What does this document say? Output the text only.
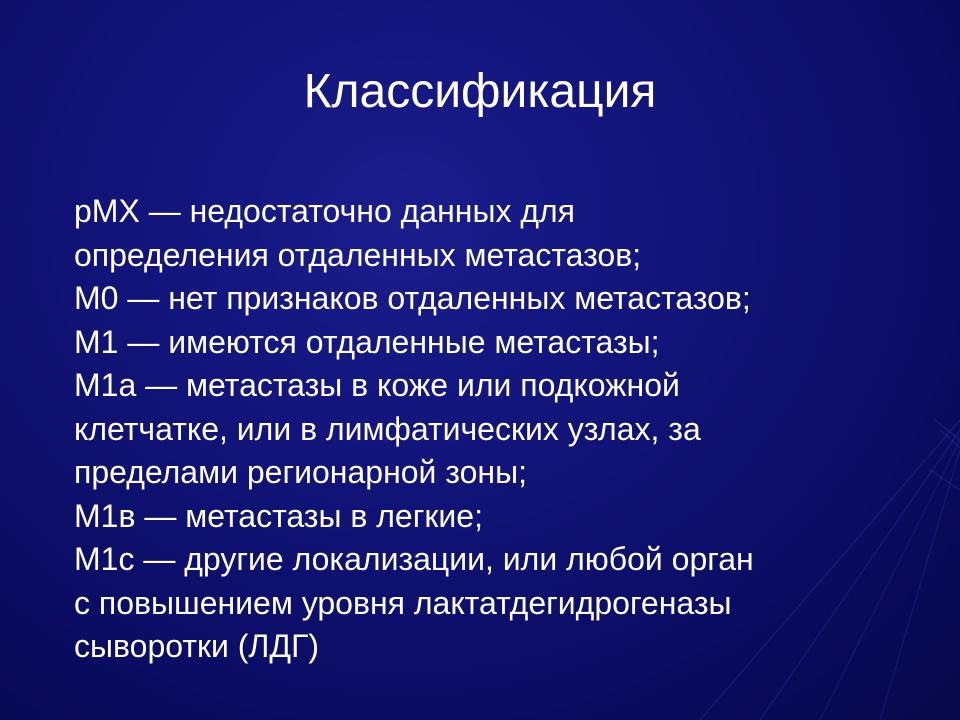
Классификация
pMX — недостаточно данных для
определения отдаленных метастазов;
M0 — нет признаков отдаленных метастазов;
M1 — имеются отдаленные метастазы;
M1a — метастазы в коже или подкожной
клетчатке, или в лимфатических узлах, за
пределами регионарной зоны;
M1в — метастазы в легкие;
M1c — другие локализации, или любой орган
с повышением уровня лактатдегидрогеназы
сыворотки (ЛДГ)
